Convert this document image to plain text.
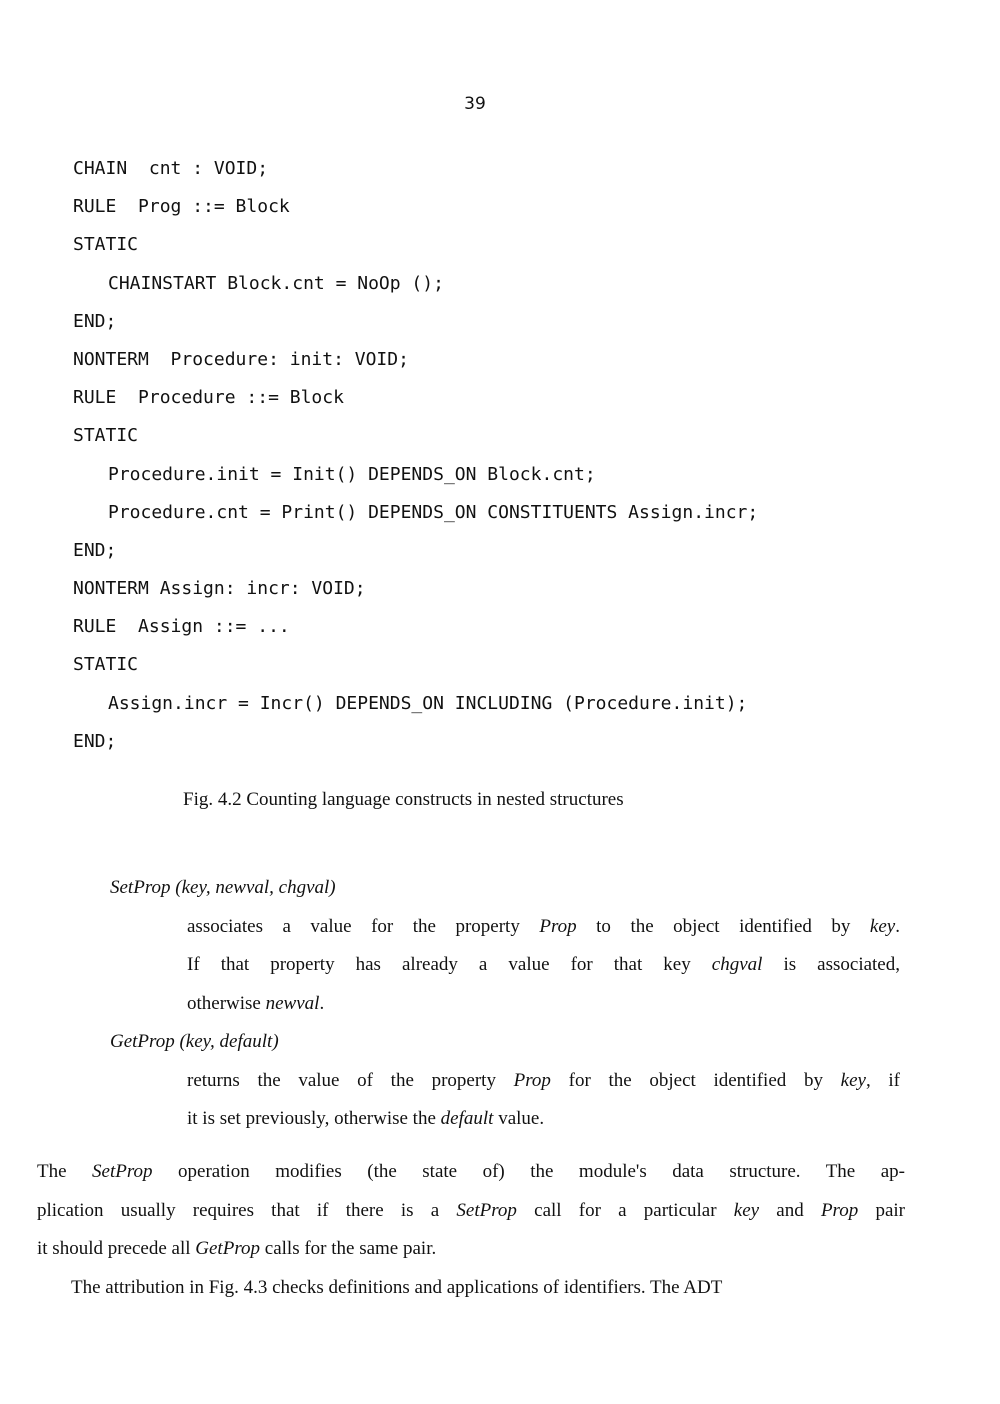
39
CHAIN  cnt : VOID;
RULE  Prog ::= Block
STATIC
CHAINSTART Block.cnt = NoOp ();
END;
NONTERM  Procedure: init: VOID;
RULE  Procedure ::= Block
STATIC
Procedure.init = Init() DEPENDS_ON Block.cnt;
Procedure.cnt = Print() DEPENDS_ON CONSTITUENTS Assign.incr;
END;
NONTERM Assign: incr: VOID;
RULE  Assign ::= ...
STATIC
Assign.incr = Incr() DEPENDS_ON INCLUDING (Procedure.init);
END;
Fig. 4.2 Counting language constructs in nested structures
SetProp (key, newval, chgval)
associates a value for the property Prop to the object identified by key.
If that property has already a value for that key chgval is associated,
otherwise newval.
GetProp (key, default)
returns the value of the property Prop for the object identified by key, if
it is set previously, otherwise the default value.
The SetProp operation modifies (the state of) the module's data structure. The ap-
plication usually requires that if there is a SetProp call for a particular key and Prop pair
it should precede all GetProp calls for the same pair.
The attribution in Fig. 4.3 checks definitions and applications of identifiers. The ADT
